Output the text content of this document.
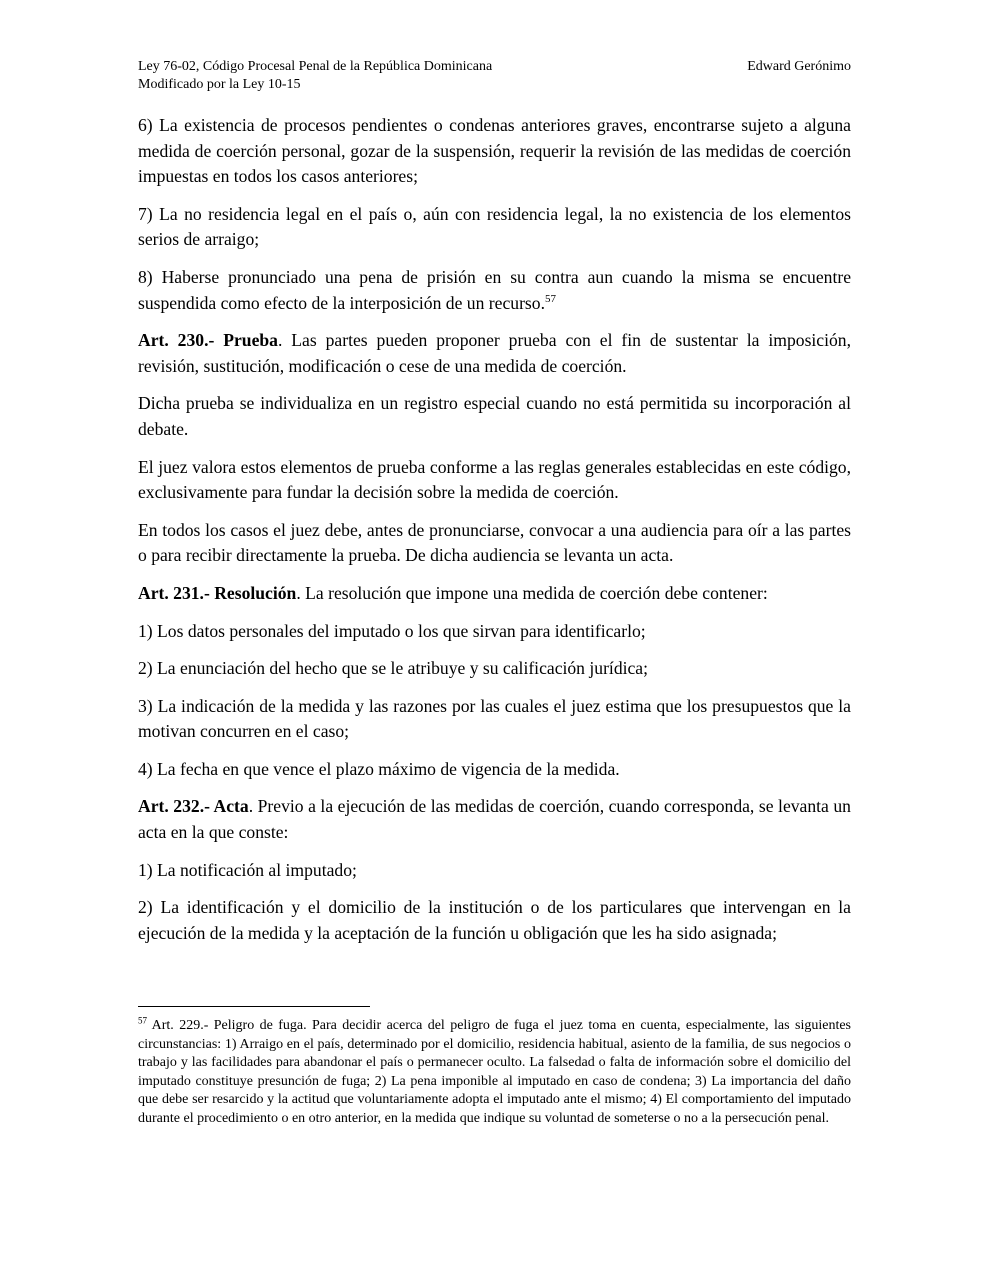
Ley 76-02, Código Procesal Penal de la República Dominicana	Edward Gerónimo
Modificado por la Ley 10-15

6) La existencia de procesos pendientes o condenas anteriores graves, encontrarse sujeto a alguna medida de coerción personal, gozar de la suspensión, requerir la revisión de las medidas de coerción impuestas en todos los casos anteriores;

7) La no residencia legal en el país o, aún con residencia legal, la no existencia de los elementos serios de arraigo;

8) Haberse pronunciado una pena de prisión en su contra aun cuando la misma se encuentre suspendida como efecto de la interposición de un recurso.$^{57}$

Art. 230.- Prueba. Las partes pueden proponer prueba con el fin de sustentar la imposición, revisión, sustitución, modificación o cese de una medida de coerción.

Dicha prueba se individualiza en un registro especial cuando no está permitida su incorporación al debate.

El juez valora estos elementos de prueba conforme a las reglas generales establecidas en este código, exclusivamente para fundar la decisión sobre la medida de coerción.

En todos los casos el juez debe, antes de pronunciarse, convocar a una audiencia para oír a las partes o para recibir directamente la prueba. De dicha audiencia se levanta un acta.

Art. 231.- Resolución. La resolución que impone una medida de coerción debe contener:

1) Los datos personales del imputado o los que sirvan para identificarlo;

2) La enunciación del hecho que se le atribuye y su calificación jurídica;

3) La indicación de la medida y las razones por las cuales el juez estima que los presupuestos que la motivan concurren en el caso;

4) La fecha en que vence el plazo máximo de vigencia de la medida.

Art. 232.- Acta. Previo a la ejecución de las medidas de coerción, cuando corresponda, se levanta un acta en la que conste:

1) La notificación al imputado;

2) La identificación y el domicilio de la institución o de los particulares que intervengan en la ejecución de la medida y la aceptación de la función u obligación que les ha sido asignada;

$^{57}$ Art. 229.- Peligro de fuga. Para decidir acerca del peligro de fuga el juez toma en cuenta, especialmente, las siguientes circunstancias: 1) Arraigo en el país, determinado por el domicilio, residencia habitual, asiento de la familia, de sus negocios o trabajo y las facilidades para abandonar el país o permanecer oculto. La falsedad o falta de información sobre el domicilio del imputado constituye presunción de fuga; 2) La pena imponible al imputado en caso de condena; 3) La importancia del daño que debe ser resarcido y la actitud que voluntariamente adopta el imputado ante el mismo; 4) El comportamiento del imputado durante el procedimiento o en otro anterior, en la medida que indique su voluntad de someterse o no a la persecución penal.
